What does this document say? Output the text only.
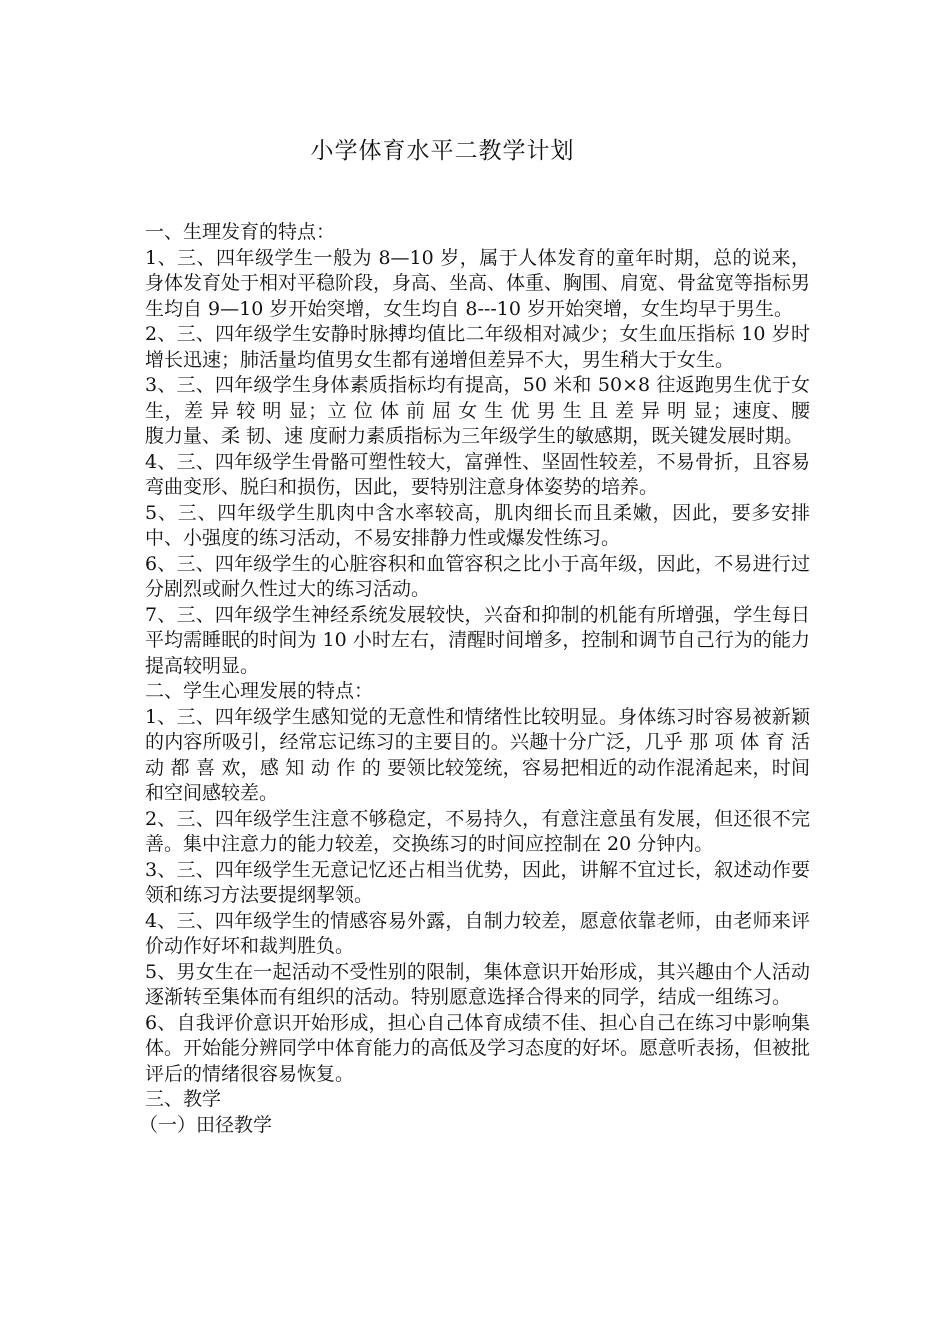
小学体育水平二教学计划

一、生理发育的特点：

1、三、四年级学生一般为 8—10 岁，属于人体发育的童年时期，总的说来，身体发育处于相对平稳阶段，身高、坐高、体重、胸围、肩宽、骨盆宽等指标男生均自 9—10 岁开始突增，女生均自 8---10 岁开始突增，女生均早于男生。

2、三、四年级学生安静时脉搏均值比二年级相对减少；女生血压指标 10 岁时增长迅速；肺活量均值男女生都有递增但差异不大，男生稍大于女生。

3、三、四年级学生身体素质指标均有提高，50 米和 50×8 往返跑男生优于女生，差 异 较 明 显；立 位 体 前 屈 女 生 优 男 生 且 差 异 明 显；速度、腰 腹力量、柔 韧、速 度耐力素质指标为三年级学生的敏感期，既关键发展时期。

4、三、四年级学生骨骼可塑性较大，富弹性、坚固性较差，不易骨折，且容易弯曲变形、脱臼和损伤，因此，要特别注意身体姿势的培养。

5、三、四年级学生肌肉中含水率较高，肌肉细长而且柔嫩，因此，要多安排中、小强度的练习活动，不易安排静力性或爆发性练习。

6、三、四年级学生的心脏容积和血管容积之比小于高年级，因此，不易进行过分剧烈或耐久性过大的练习活动。

7、三、四年级学生神经系统发展较快，兴奋和抑制的机能有所增强，学生每日平均需睡眠的时间为 10 小时左右，清醒时间增多，控制和调节自己行为的能力提高较明显。

二、学生心理发展的特点：

1、三、四年级学生感知觉的无意性和情绪性比较明显。身体练习时容易被新颖的内容所吸引，经常忘记练习的主要目的。兴趣十分广泛，几乎 那 项 体 育 活 动 都 喜 欢，感 知 动 作 的 要领比较笼统，容易把相近的动作混淆起来，时间和空间感较差。

2、三、四年级学生注意不够稳定，不易持久，有意注意虽有发展，但还很不完善。集中注意力的能力较差，交换练习的时间应控制在 20 分钟内。

3、三、四年级学生无意记忆还占相当优势，因此，讲解不宜过长，叙述动作要领和练习方法要提纲挈领。

4、三、四年级学生的情感容易外露，自制力较差，愿意依靠老师，由老师来评价动作好坏和裁判胜负。

5、男女生在一起活动不受性别的限制，集体意识开始形成，其兴趣由个人活动逐渐转至集体而有组织的活动。特别愿意选择合得来的同学，结成一组练习。

6、自我评价意识开始形成，担心自己体育成绩不佳、担心自己在练习中影响集体。开始能分辨同学中体育能力的高低及学习态度的好坏。愿意听表扬，但被批评后的情绪很容易恢复。

三、教学

（一）田径教学
